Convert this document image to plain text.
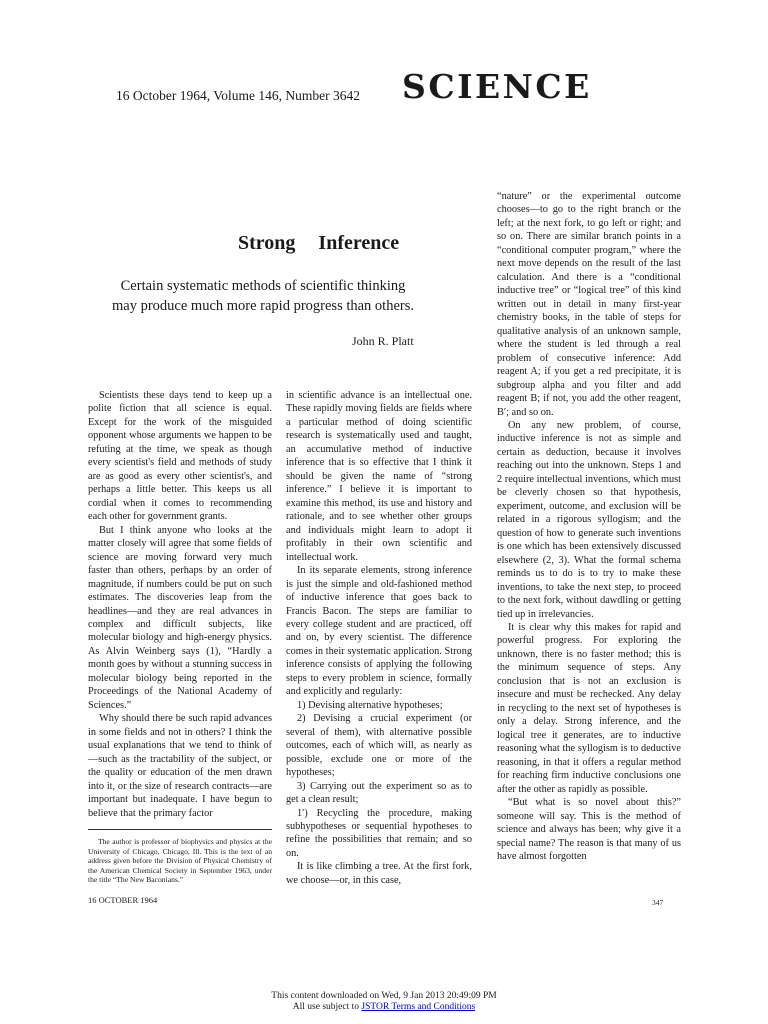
16 October 1964, Volume 146, Number 3642 SCIENCE
Strong Inference
Certain systematic methods of scientific thinking
may produce much more rapid progress than others.
John R. Platt

Scientists these days tend to keep up a polite fiction that all science is equal. Except for the work of the misguided opponent whose arguments we happen to be refuting at the time, we speak as though every scientist's field and methods of study are as good as every other scientist's, and perhaps a little better. This keeps us all cordial when it comes to recommending each other for government grants.

But I think anyone who looks at the matter closely will agree that some fields of science are moving forward very much faster than others, perhaps by an order of magnitude, if numbers could be put on such estimates. The discoveries leap from the headlines—and they are real advances in complex and difficult subjects, like molecular biology and high-energy physics. As Alvin Weinberg says (1), “Hardly a month goes by without a stunning success in molecular biology being reported in the Proceedings of the National Academy of Sciences.”

Why should there be such rapid advances in some fields and not in others? I think the usual explanations that we tend to think of—such as the tractability of the subject, or the quality or education of the men drawn into it, or the size of research contracts—are important but inadequate. I have begun to believe that the primary factor

in scientific advance is an intellectual one. These rapidly moving fields are fields where a particular method of doing scientific research is systematically used and taught, an accumulative method of inductive inference that is so effective that I think it should be given the name of “strong inference.” I believe it is important to examine this method, its use and history and rationale, and to see whether other groups and individuals might learn to adopt it profitably in their own scientific and intellectual work.

In its separate elements, strong inference is just the simple and old-fashioned method of inductive inference that goes back to Francis Bacon. The steps are familiar to every college student and are practiced, off and on, by every scientist. The difference comes in their systematic application. Strong inference consists of applying the following steps to every problem in science, formally and explicitly and regularly:

1) Devising alternative hypotheses;

2) Devising a crucial experiment (or several of them), with alternative possible outcomes, each of which will, as nearly as possible, exclude one or more of the hypotheses;

3) Carrying out the experiment so as to get a clean result;

1′) Recycling the procedure, making subhypotheses or sequential hypotheses to refine the possibilities that remain; and so on.

It is like climbing a tree. At the first fork, we choose—or, in this case,

“nature” or the experimental outcome chooses—to go to the right branch or the left; at the next fork, to go left or right; and so on. There are similar branch points in a “conditional computer program,” where the next move depends on the result of the last calculation. And there is a “conditional inductive tree” or “logical tree” of this kind written out in detail in many first-year chemistry books, in the table of steps for qualitative analysis of an unknown sample, where the student is led through a real problem of consecutive inference: Add reagent A; if you get a red precipitate, it is subgroup alpha and you filter and add reagent B; if not, you add the other reagent, B′; and so on.

On any new problem, of course, inductive inference is not as simple and certain as deduction, because it involves reaching out into the unknown. Steps 1 and 2 require intellectual inventions, which must be cleverly chosen so that hypothesis, experiment, outcome, and exclusion will be related in a rigorous syllogism; and the question of how to generate such inventions is one which has been extensively discussed elsewhere (2, 3). What the formal schema reminds us to do is to try to make these inventions, to take the next step, to proceed to the next fork, without dawdling or getting tied up in irrelevancies.

It is clear why this makes for rapid and powerful progress. For exploring the unknown, there is no faster method; this is the minimum sequence of steps. Any conclusion that is not an exclusion is insecure and must be rechecked. Any delay in recycling to the next set of hypotheses is only a delay. Strong inference, and the logical tree it generates, are to inductive reasoning what the syllogism is to deductive reasoning, in that it offers a regular method for reaching firm inductive conclusions one after the other as rapidly as possible.

“But what is so novel about this?” someone will say. This is the method of science and always has been; why give it a special name? The reason is that many of us have almost forgotten

The author is professor of biophysics and physics at the University of Chicago, Chicago, Ill. This is the text of an address given before the Division of Physical Chemistry of the American Chemical Society in September 1963, under the title “The New Baconians.”
16 OCTOBER 1964	347
This content downloaded on Wed, 9 Jan 2013 20:49:09 PM
All use subject to JSTOR Terms and Conditions
